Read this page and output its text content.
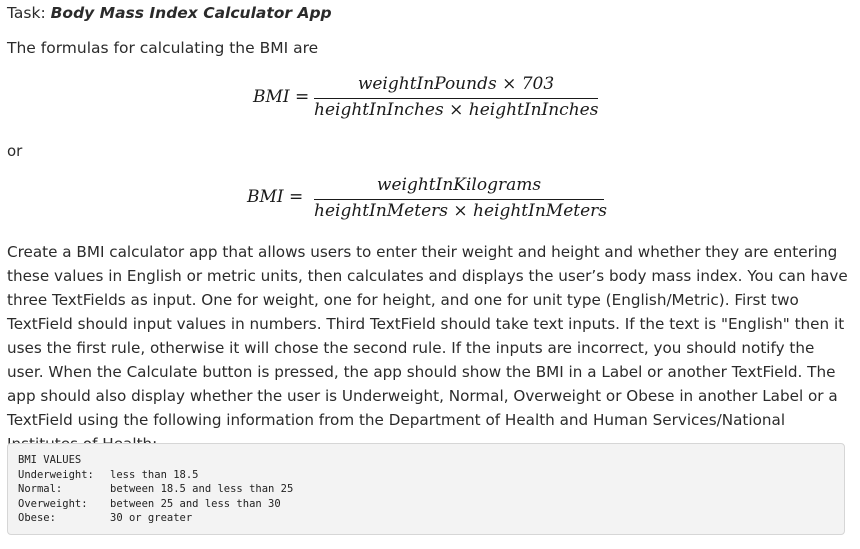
Task: Body Mass Index Calculator App
The formulas for calculating the BMI are
BMI =
weightInPounds × 703
heightInInches × heightInInches
or
BMI =
weightInKilograms
heightInMeters × heightInMeters
Create a BMI calculator app that allows users to enter their weight and height and whether they are entering these values in English or metric units, then calculates and displays the user’s body mass index. You can have three TextFields as input. One for weight, one for height, and one for unit type (English/Metric). First two TextField should input values in numbers. Third TextField should take text inputs. If the text is "English" then it uses the first rule, otherwise it will chose the second rule. If the inputs are incorrect, you should notify the user. When the Calculate button is pressed, the app should show the BMI in a Label or another TextField. The app should also display whether the user is Underweight, Normal, Overweight or Obese in another Label or a TextField using the following information from the Department of Health and Human Services/National
BMI VALUES
Underweight: less than 18.5
Normal:	between 18.5 and less than 25
Overweight: between 25 and less than 30
Obese:	30 or greater
